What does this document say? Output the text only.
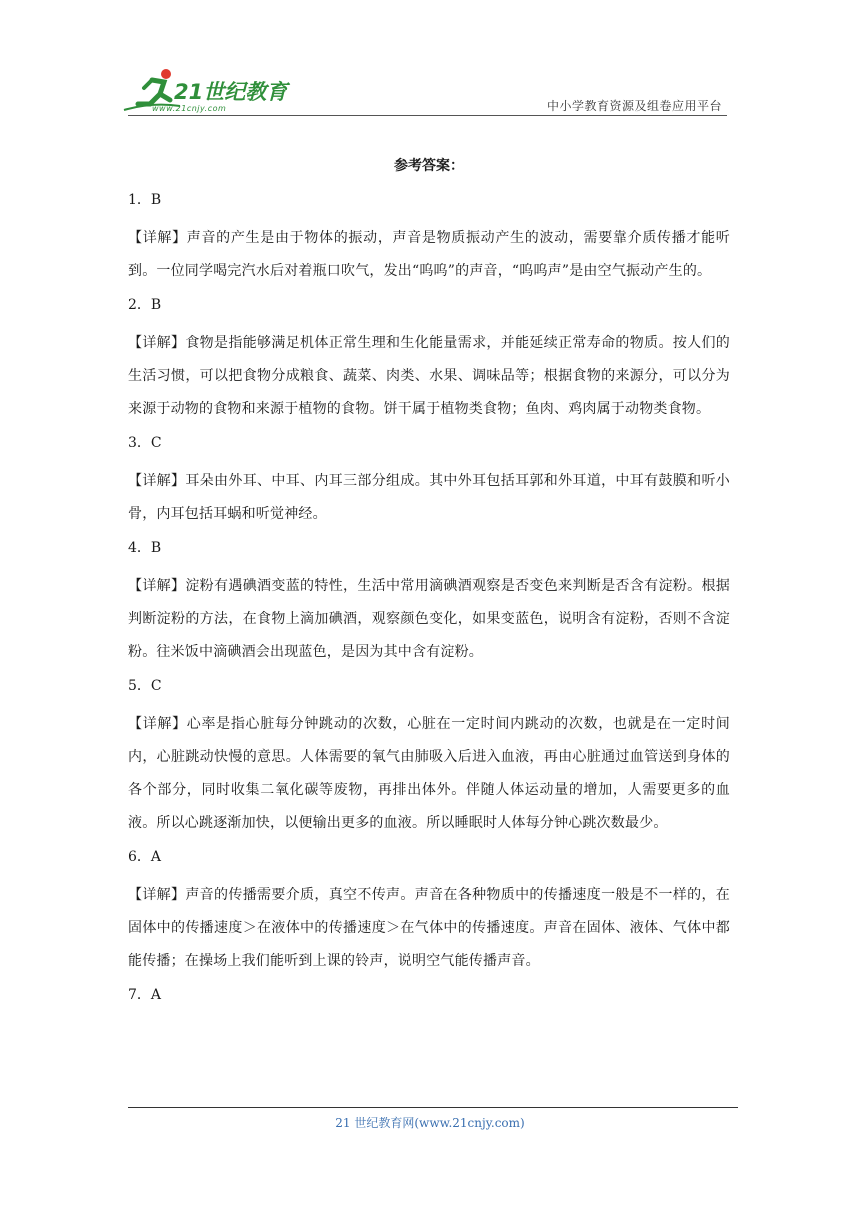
21世纪教育
www.21cnjy.com	中小学教育资源及组卷应用平台
参考答案：
1．B
【详解】声音的产生是由于物体的振动，声音是物质振动产生的波动，需要靠介质传播才能听到。一位同学喝完汽水后对着瓶口吹气，发出“呜呜”的声音，“呜呜声”是由空气振动产生的。
2．B
【详解】食物是指能够满足机体正常生理和生化能量需求，并能延续正常寿命的物质。按人们的生活习惯，可以把食物分成粮食、蔬菜、肉类、水果、调味品等；根据食物的来源分，可以分为来源于动物的食物和来源于植物的食物。饼干属于植物类食物；鱼肉、鸡肉属于动物类食物。
3．C
【详解】耳朵由外耳、中耳、内耳三部分组成。其中外耳包括耳郭和外耳道，中耳有鼓膜和听小骨，内耳包括耳蜗和听觉神经。
4．B
【详解】淀粉有遇碘酒变蓝的特性，生活中常用滴碘酒观察是否变色来判断是否含有淀粉。根据判断淀粉的方法，在食物上滴加碘酒，观察颜色变化，如果变蓝色，说明含有淀粉，否则不含淀粉。往米饭中滴碘酒会出现蓝色，是因为其中含有淀粉。
5．C
【详解】心率是指心脏每分钟跳动的次数，心脏在一定时间内跳动的次数，也就是在一定时间内，心脏跳动快慢的意思。人体需要的氧气由肺吸入后进入血液，再由心脏通过血管送到身体的各个部分，同时收集二氧化碳等废物，再排出体外。伴随人体运动量的增加，人需要更多的血液。所以心跳逐渐加快，以便输出更多的血液。所以睡眠时人体每分钟心跳次数最少。
6．A
【详解】声音的传播需要介质，真空不传声。声音在各种物质中的传播速度一般是不一样的，在固体中的传播速度＞在液体中的传播速度＞在气体中的传播速度。声音在固体、液体、气体中都能传播；在操场上我们能听到上课的铃声，说明空气能传播声音。
7．A
21 世纪教育网(www.21cnjy.com)
